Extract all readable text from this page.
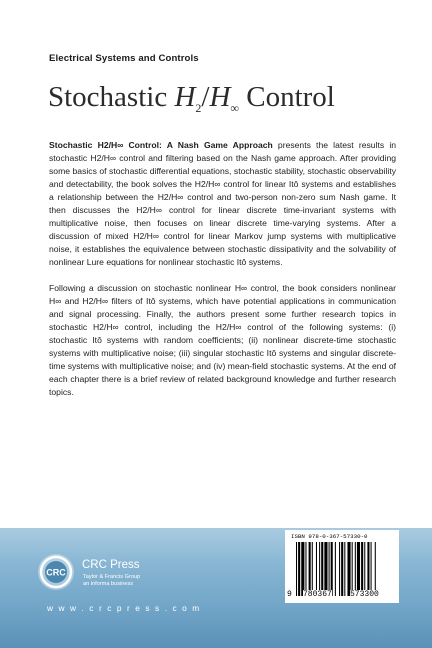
Electrical Systems and Controls
Stochastic $H_2/H_\infty$ Control

Stochastic H2/H∞ Control: A Nash Game Approach presents the latest results in stochastic H2/H∞ control and filtering based on the Nash game approach. After providing some basics of stochastic differential equations, stochastic stability, stochastic observability and detectability, the book solves the H2/H∞ control for linear Itô systems and establishes a relationship between the H2/H∞ control and two-person non-zero sum Nash game. It then discusses the H2/H∞ control for linear discrete time-invariant systems with multiplicative noise, then focuses on linear discrete time-varying systems. After a discussion of mixed H2/H∞ control for linear Markov jump systems with multiplicative noise, it establishes the equivalence between stochastic dissipativity and the solvability of nonlinear Lure equations for nonlinear stochastic Itô systems.

Following a discussion on stochastic nonlinear H∞ control, the book considers nonlinear H∞ and H2/H∞ filters of Itô systems, which have potential applications in communication and signal processing. Finally, the authors present some further research topics in stochastic H2/H∞ control, including the H2/H∞ control of the following systems: (i) stochastic Itô systems with random coefficients; (ii) nonlinear discrete-time stochastic systems with multiplicative noise; (iii) singular stochastic Itô systems and singular discrete-time systems with multiplicative noise; and (iv) mean-field stochastic systems. At the end of each chapter there is a brief review of related background knowledge and further research topics.

CRC
CRC Press
Taylor & Francis Group
an informa business
w w w . c r c p r e s s . c o m
ISBN 978-0-367-57330-0
9 780367 573300
